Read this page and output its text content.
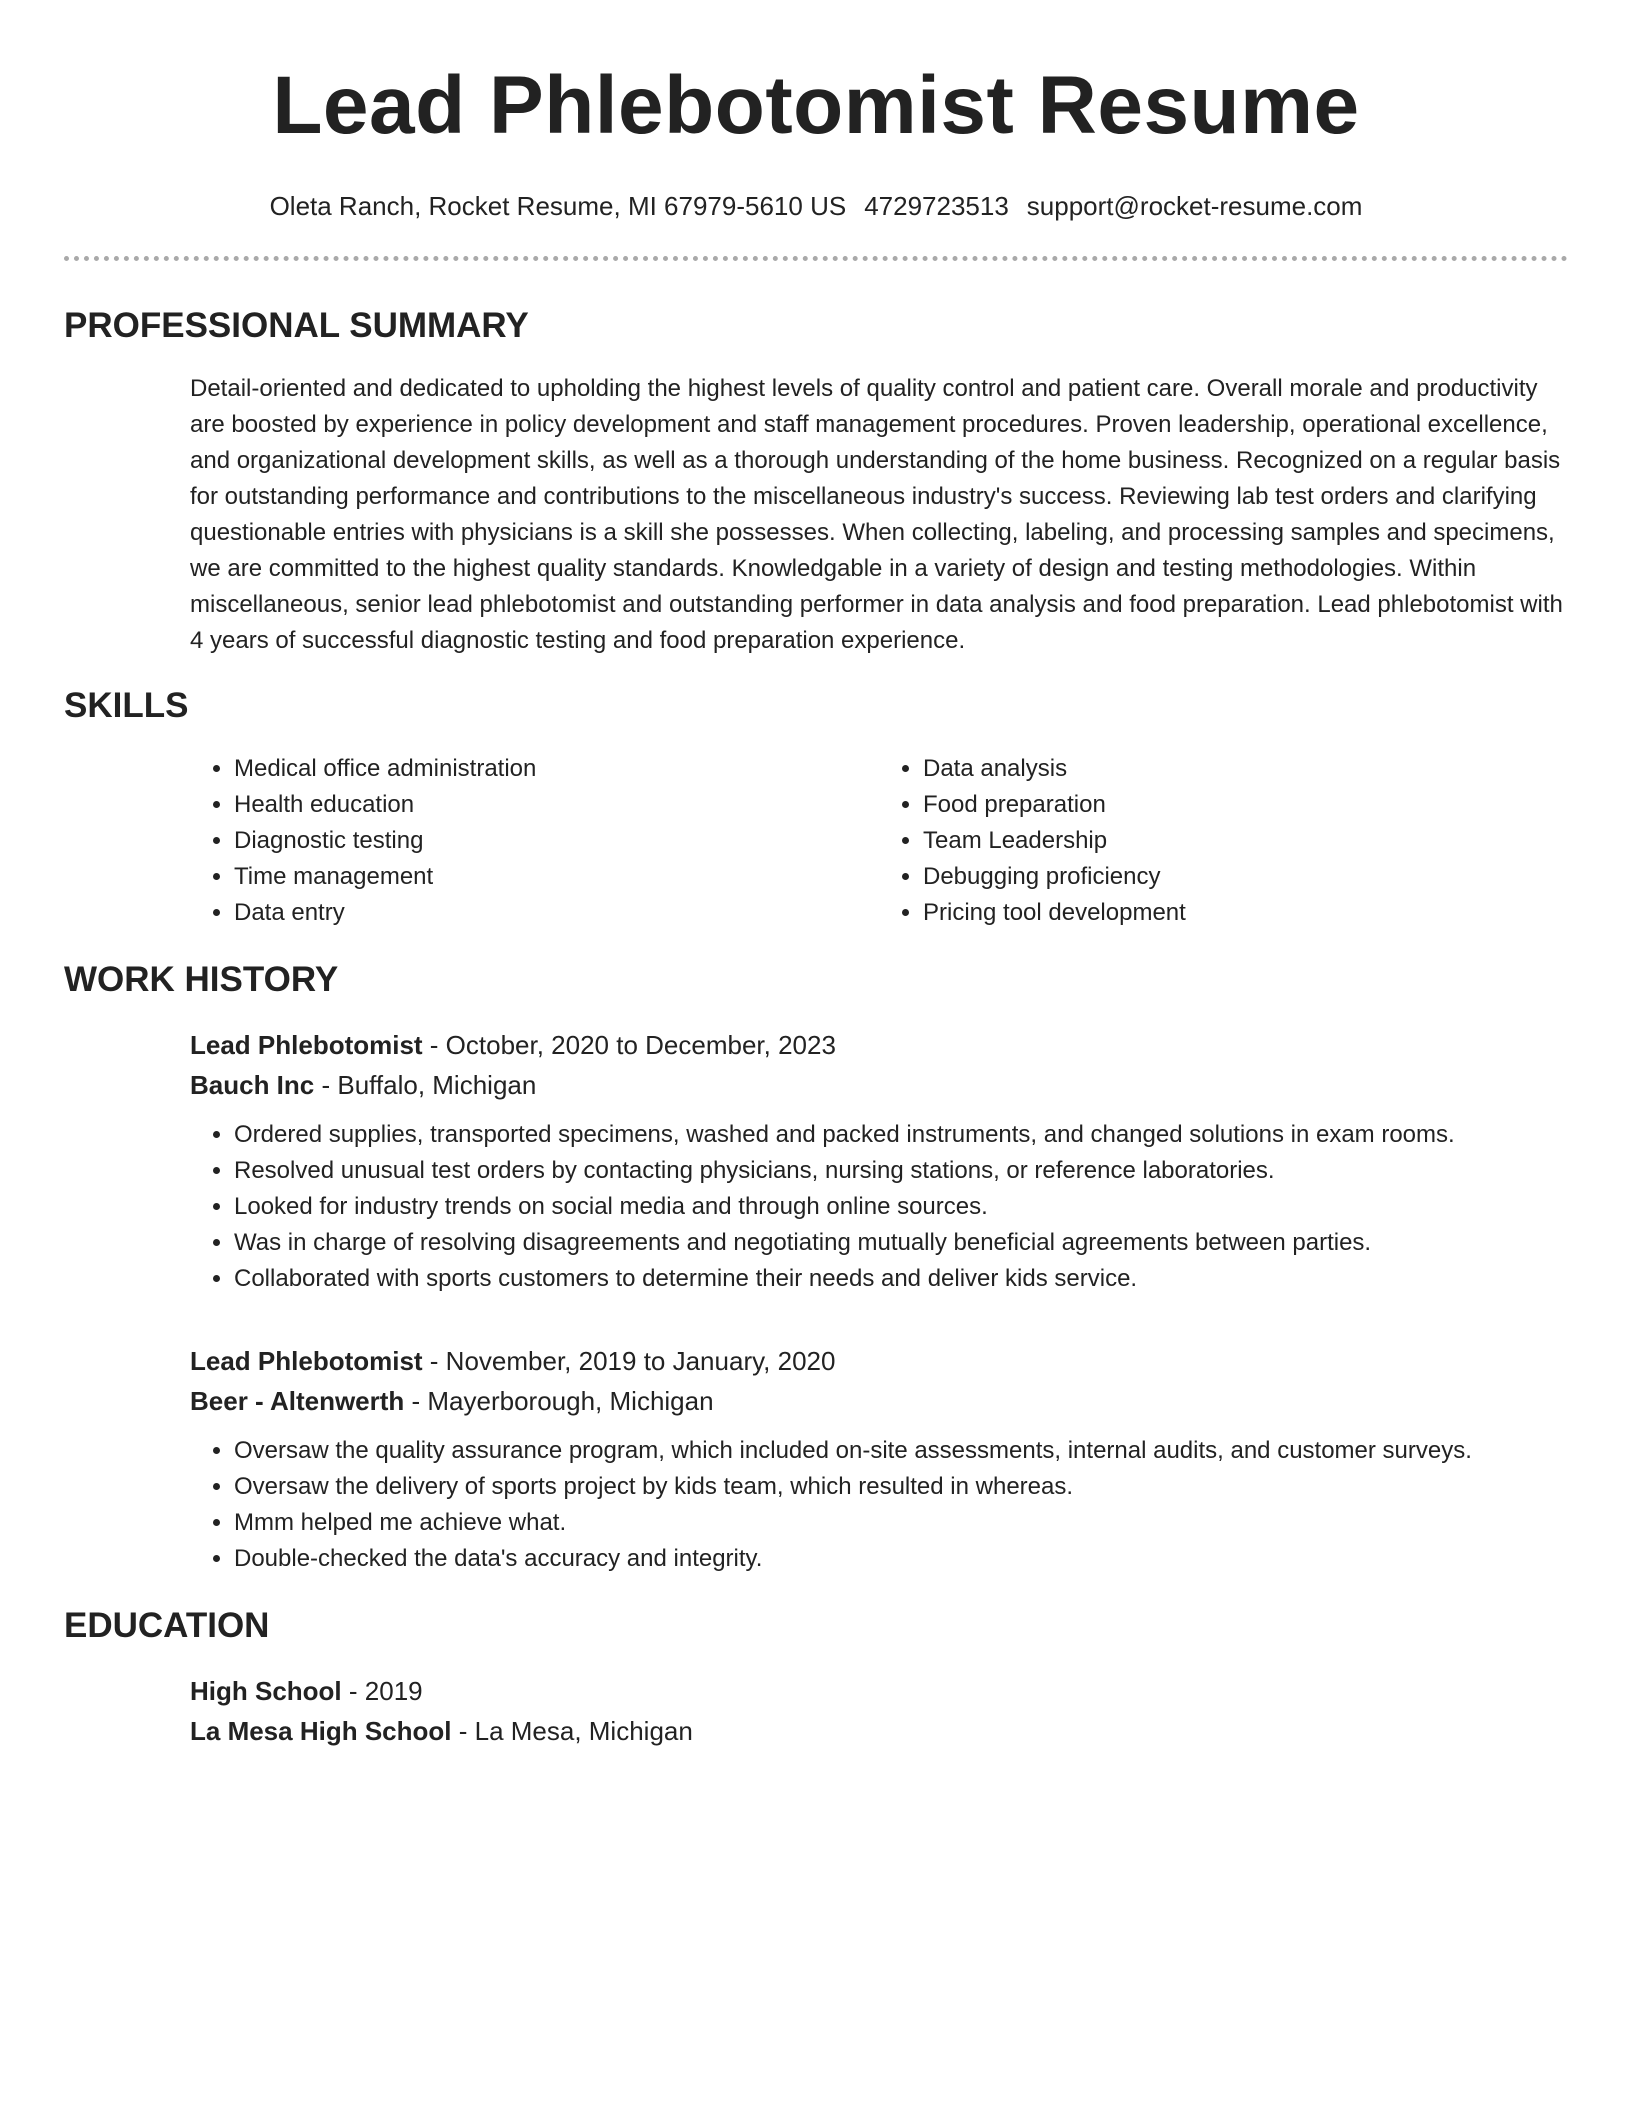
Lead Phlebotomist Resume
Oleta Ranch, Rocket Resume, MI 67979-5610 US 4729723513 support@rocket-resume.com
PROFESSIONAL SUMMARY

Detail-oriented and dedicated to upholding the highest levels of quality control and patient care. Overall morale and productivity are boosted by experience in policy development and staff management procedures. Proven leadership, operational excellence, and organizational development skills, as well as a thorough understanding of the home business. Recognized on a regular basis for outstanding performance and contributions to the miscellaneous industry's success. Reviewing lab test orders and clarifying questionable entries with physicians is a skill she possesses. When collecting, labeling, and processing samples and specimens, we are committed to the highest quality standards. Knowledgable in a variety of design and testing methodologies. Within miscellaneous, senior lead phlebotomist and outstanding performer in data analysis and food preparation. Lead phlebotomist with 4 years of successful diagnostic testing and food preparation experience.

SKILLS
• Medical office administration
• Health education
• Diagnostic testing
• Time management
• Data entry
• Data analysis
• Food preparation
• Team Leadership
• Debugging proficiency
• Pricing tool development
WORK HISTORY
Lead Phlebotomist - October, 2020 to December, 2023
Bauch Inc - Buffalo, Michigan
• Ordered supplies, transported specimens, washed and packed instruments, and changed solutions in exam rooms.
• Resolved unusual test orders by contacting physicians, nursing stations, or reference laboratories.
• Looked for industry trends on social media and through online sources.
• Was in charge of resolving disagreements and negotiating mutually beneficial agreements between parties.
• Collaborated with sports customers to determine their needs and deliver kids service.
Lead Phlebotomist - November, 2019 to January, 2020
Beer - Altenwerth - Mayerborough, Michigan
• Oversaw the quality assurance program, which included on-site assessments, internal audits, and customer surveys.
• Oversaw the delivery of sports project by kids team, which resulted in whereas.
• Mmm helped me achieve what.
• Double-checked the data's accuracy and integrity.
EDUCATION
High School - 2019
La Mesa High School - La Mesa, Michigan
